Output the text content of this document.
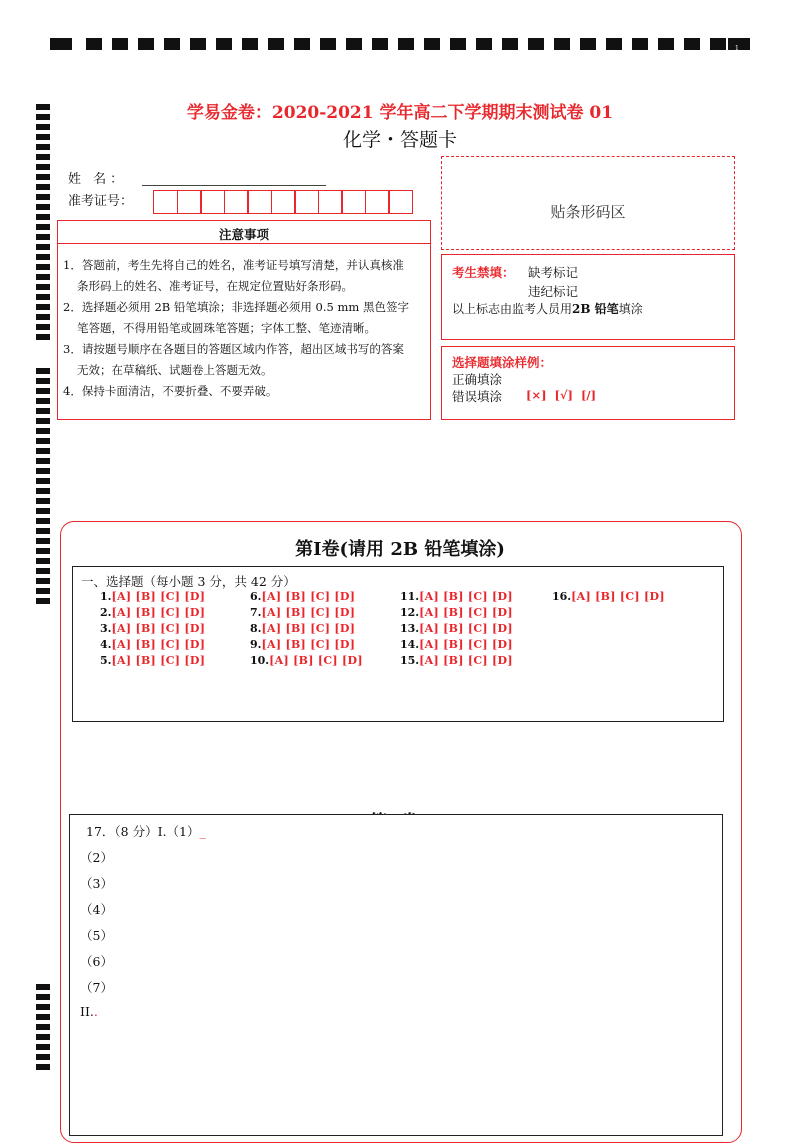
1
学易金卷：2020-2021 学年高二下学期期末测试卷 01
化学・答题卡
姓 名：
准考证号：
贴条形码区
注意事项
1．答题前，考生先将自己的姓名，准考证号填写清楚，并认真核准
条形码上的姓名、准考证号，在规定位置贴好条形码。
2．选择题必须用 2B 铅笔填涂；非选择题必须用 0.5 mm 黑色签字
笔答题，不得用铅笔或圆珠笔答题；字体工整、笔迹清晰。
3．请按题号顺序在各题目的答题区域内作答，超出区域书写的答案
无效；在草稿纸、试题卷上答题无效。
4．保持卡面清洁，不要折叠、不要弄破。
考生禁填： 缺考标记
违纪标记
以上标志由监考人员用2B 铅笔填涂
选择题填涂样例：
正确填涂
错误填涂 [×]  [√]  [/]
第Ⅰ卷(请用 2B 铅笔填涂)
一、选择题（每小题 3 分，共 42 分）
1.[A] [B] [C] [D]
2.[A] [B] [C] [D]
3.[A] [B] [C] [D]
4.[A] [B] [C] [D]
5.[A] [B] [C] [D]
6.[A] [B] [C] [D]
7.[A] [B] [C] [D]
8.[A] [B] [C] [D]
9.[A] [B] [C] [D]
10.[A] [B] [C] [D]
11.[A] [B] [C] [D]
12.[A] [B] [C] [D]
13.[A] [B] [C] [D]
14.[A] [B] [C] [D]
15.[A] [B] [C] [D]
16.[A] [B] [C] [D]
17．（8 分）I.（1）_
（2）
（3）
（4）
（5）
（6）
（7）
II..
